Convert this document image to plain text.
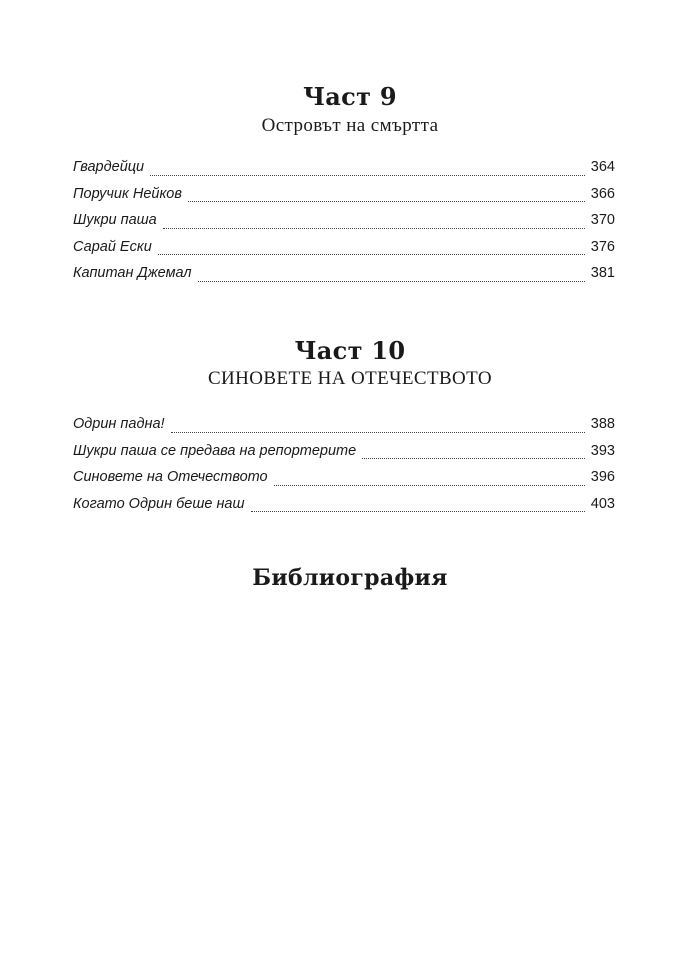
Част 9
Островът на смъртта
Гвардейци	364
Поручик Нейков	366
Шукри паша	370
Сарай Ески	376
Капитан Джемал	381
Част 10
СИНОВЕТЕ НА ОТЕЧЕСТВОТО
Одрин падна!	388
Шукри паша се предава на репортерите	393
Синовете на Отечеството	396
Когато Одрин беше наш	403
Библиография
